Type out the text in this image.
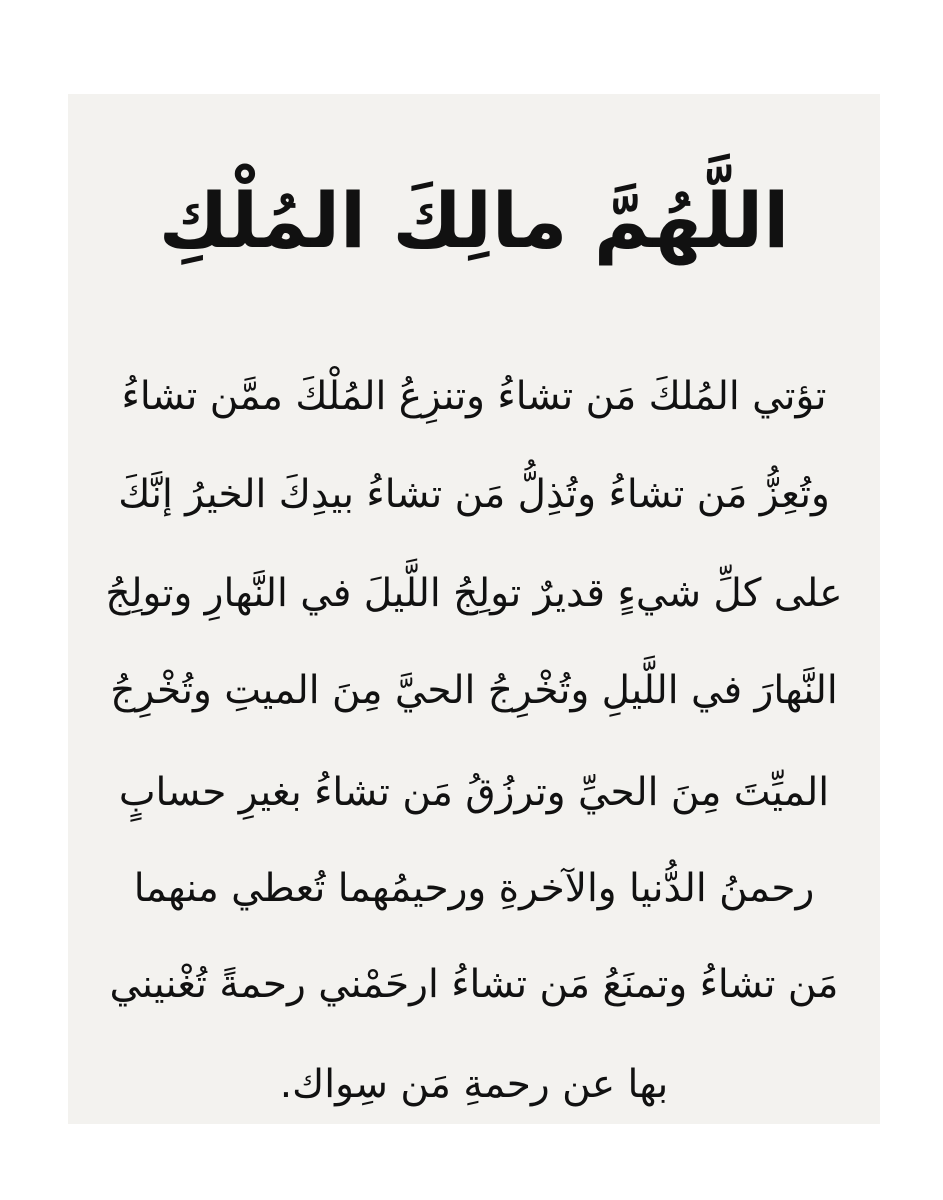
اللَّهُمَّ مالِكَ المُلْكِ
تؤتي المُلكَ مَن تشاءُ وتنزِعُ المُلْكَ ممَّن تشاءُ
وتُعِزُّ مَن تشاءُ وتُذِلُّ مَن تشاءُ بيدِكَ الخيرُ إنَّكَ
على كلِّ شيءٍ قديرٌ تولِجُ اللَّيلَ في النَّهارِ وتولِجُ
النَّهارَ في اللَّيلِ وتُخْرِجُ الحيَّ مِنَ الميتِ وتُخْرِجُ
الميِّتَ مِنَ الحيِّ وترزُقُ مَن تشاءُ بغيرِ حسابٍ
رحمنُ الدُّنيا والآخرةِ ورحيمُهما تُعطي منهما
مَن تشاءُ وتمنَعُ مَن تشاءُ ارحَمْني رحمةً تُغْنيني
بها عن رحمةِ مَن سِواك.
